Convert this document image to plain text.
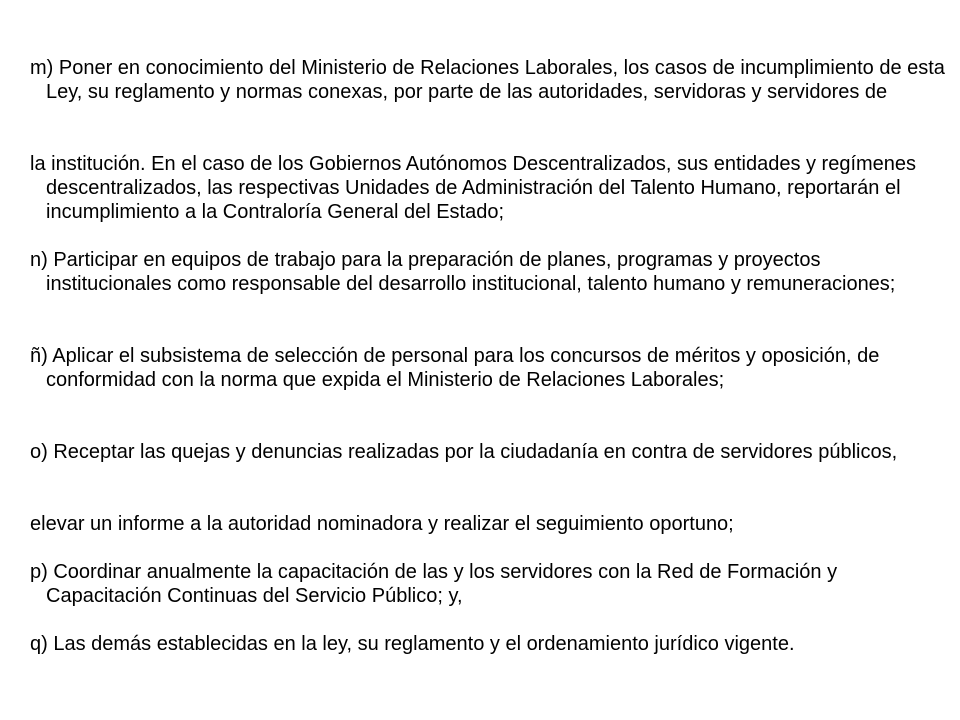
m) Poner en conocimiento del Ministerio de Relaciones Laborales, los casos de incumplimiento de esta Ley, su reglamento y normas conexas, por parte de las autoridades, servidoras y servidores de

la institución. En el caso de los Gobiernos Autónomos Descentralizados, sus entidades y regímenes descentralizados, las respectivas Unidades de Administración del Talento Humano, reportarán el incumplimiento a la Contraloría General del Estado;

n) Participar en equipos de trabajo para la preparación de planes, programas y proyectos institucionales como responsable del desarrollo institucional, talento humano y remuneraciones;

ñ) Aplicar el subsistema de selección de personal para los concursos de méritos y oposición, de conformidad con la norma que expida el Ministerio de Relaciones Laborales;

o) Receptar las quejas y denuncias realizadas por la ciudadanía en contra de servidores públicos,

elevar un informe a la autoridad nominadora y realizar el seguimiento oportuno;

p) Coordinar anualmente la capacitación de las y los servidores con la Red de Formación y Capacitación Continuas del Servicio Público; y,

q) Las demás establecidas en la ley, su reglamento y el ordenamiento jurídico vigente.
